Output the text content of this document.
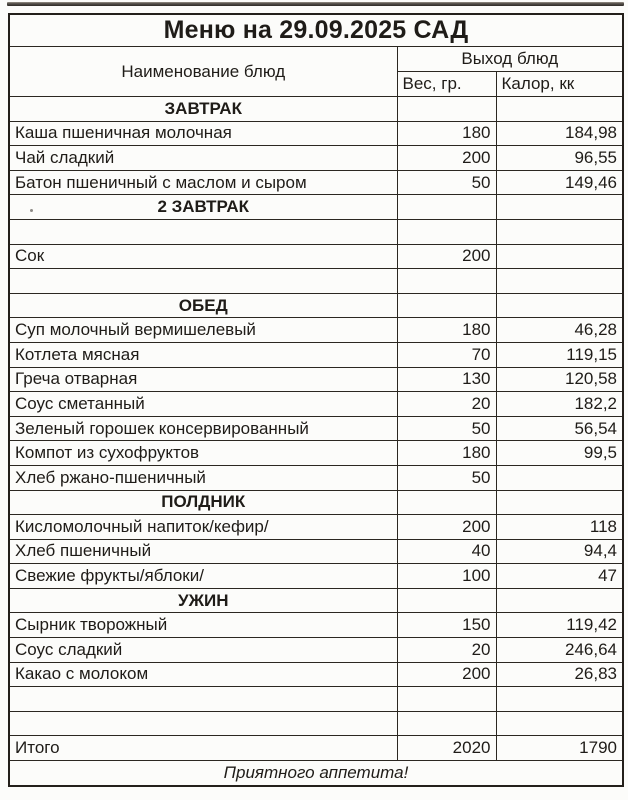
Меню на 29.09.2025 САД		
Наименование блюд	Выход блюд	
	Вес, гр.	Калор, кк
ЗАВТРАК		
Каша пшеничная молочная	180	184,98
Чай сладкий	200	96,55
Батон пшеничный с маслом и сыром	50	149,46
2 ЗАВТРАК		

Сок	200	

ОБЕД		
Суп молочный вермишелевый	180	46,28
Котлета мясная	70	119,15
Греча отварная	130	120,58
Соус сметанный	20	182,2
Зеленый горошек консервированный	50	56,54
Компот из сухофруктов	180	99,5
Хлеб ржано-пшеничный	50	
ПОЛДНИК		
Кисломолочный напиток/кефир/	200	118
Хлеб пшеничный	40	94,4
Свежие фрукты/яблоки/	100	47
УЖИН		
Сырник творожный	150	119,42
Соус сладкий	20	246,64
Какао с молоком	200	26,83

Итого	2020	1790
Приятного аппетита!		
